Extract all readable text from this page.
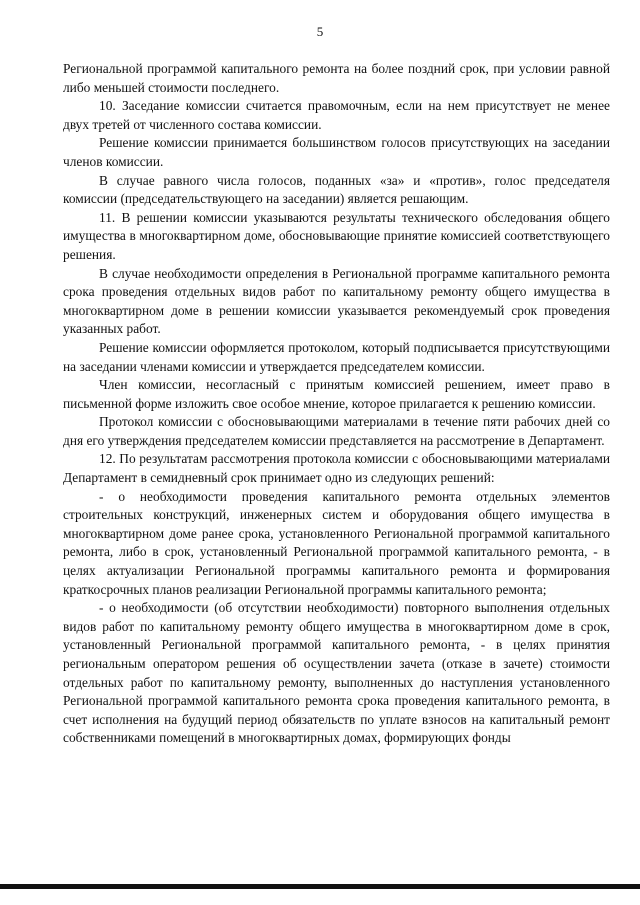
5

Региональной программой капитального ремонта на более поздний срок, при условии равной либо меньшей стоимости последнего.

10. Заседание комиссии считается правомочным, если на нем присутствует не менее двух третей от численного состава комиссии.

Решение комиссии принимается большинством голосов присутствующих на заседании членов комиссии.

В случае равного числа голосов, поданных «за» и «против», голос председателя комиссии (председательствующего на заседании) является решающим.

11. В решении комиссии указываются результаты технического обследования общего имущества в многоквартирном доме, обосновывающие принятие комиссией соответствующего решения.

В случае необходимости определения в Региональной программе капитального ремонта срока проведения отдельных видов работ по капитальному ремонту общего имущества в многоквартирном доме в решении комиссии указывается рекомендуемый срок проведения указанных работ.

Решение комиссии оформляется протоколом, который подписывается присутствующими на заседании членами комиссии и утверждается председателем комиссии.

Член комиссии, несогласный с принятым комиссией решением, имеет право в письменной форме изложить свое особое мнение, которое прилагается к решению комиссии.

Протокол комиссии с обосновывающими материалами в течение пяти рабочих дней со дня его утверждения председателем комиссии представляется на рассмотрение в Департамент.

12. По результатам рассмотрения протокола комиссии с обосновывающими материалами Департамент в семидневный срок принимает одно из следующих решений:

- о необходимости проведения капитального ремонта отдельных элементов строительных конструкций, инженерных систем и оборудования общего имущества в многоквартирном доме ранее срока, установленного Региональной программой капитального ремонта, либо в срок, установленный Региональной программой капитального ремонта, - в целях актуализации Региональной программы капитального ремонта и формирования краткосрочных планов реализации Региональной программы капитального ремонта;

- о необходимости (об отсутствии необходимости) повторного выполнения отдельных видов работ по капитальному ремонту общего имущества в многоквартирном доме в срок, установленный Региональной программой капитального ремонта, - в целях принятия региональным оператором решения об осуществлении зачета (отказе в зачете) стоимости отдельных работ по капитальному ремонту, выполненных до наступления установленного Региональной программой капитального ремонта срока проведения капитального ремонта, в счет исполнения на будущий период обязательств по уплате взносов на капитальный ремонт собственниками помещений в многоквартирных домах, формирующих фонды
